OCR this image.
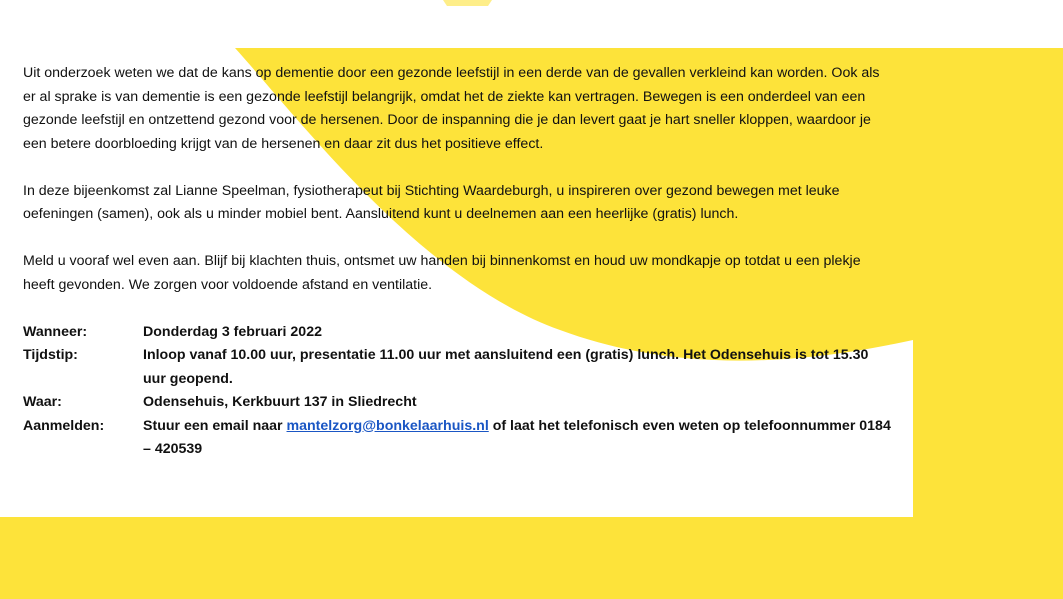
Uit onderzoek weten we dat de kans op dementie door een gezonde leefstijl in een derde van de gevallen verkleind kan worden. Ook als er al sprake is van dementie is een gezonde leefstijl belangrijk, omdat het de ziekte kan vertragen. Bewegen is een onderdeel van een gezonde leefstijl en ontzettend gezond voor de hersenen. Door de inspanning die je dan levert gaat je hart sneller kloppen, waardoor je een betere doorbloeding krijgt van de hersenen en daar zit dus het positieve effect.

In deze bijeenkomst zal Lianne Speelman, fysiotherapeut bij Stichting Waardeburgh, u inspireren over gezond bewegen met leuke oefeningen (samen), ook als u minder mobiel bent. Aansluitend kunt u deelnemen aan een heerlijke (gratis) lunch.

Meld u vooraf wel even aan. Blijf bij klachten thuis, ontsmet uw handen bij binnenkomst en houd uw mondkapje op totdat u een plekje heeft gevonden. We zorgen voor voldoende afstand en ventilatie.

Wanneer:	Donderdag 3 februari 2022
Tijdstip:	Inloop vanaf 10.00 uur, presentatie 11.00 uur met aansluitend een (gratis) lunch. Het Odensehuis is tot 15.30 uur geopend.
Waar:	Odensehuis, Kerkbuurt 137 in Sliedrecht
Aanmelden:	Stuur een email naar mantelzorg@bonkelaarhuis.nl of laat het telefonisch even weten op telefoonnummer 0184 – 420539
